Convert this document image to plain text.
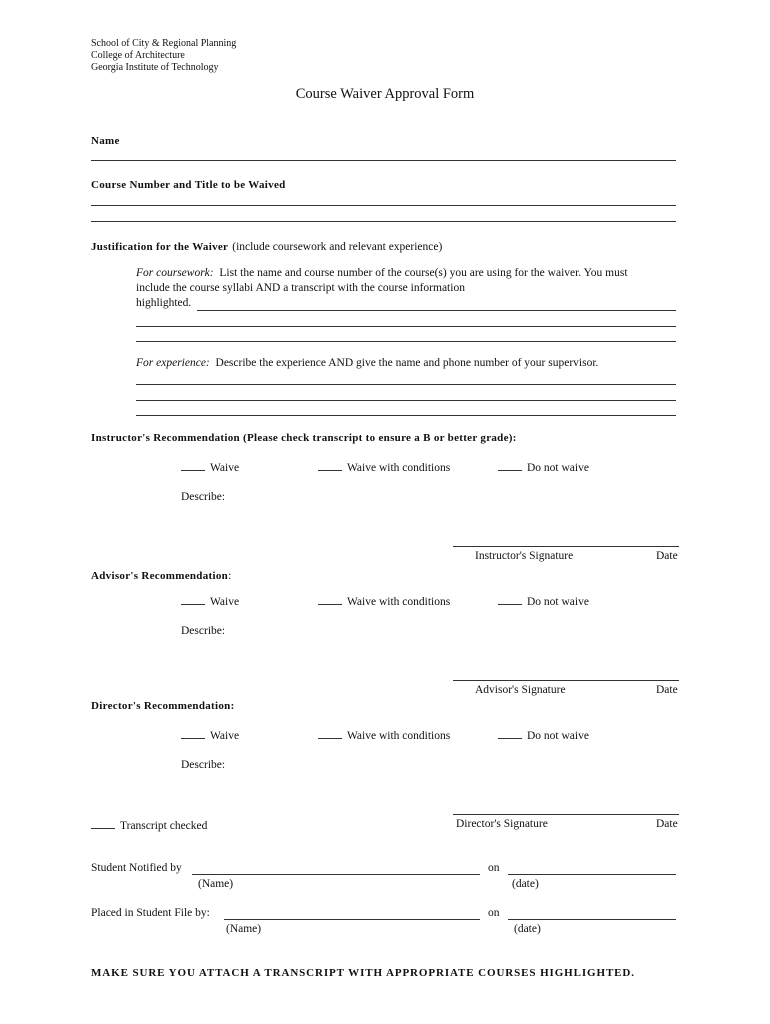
School of City & Regional Planning
College of Architecture
Georgia Institute of Technology
Course Waiver Approval Form
Name
Course Number and Title to be Waived
Justification for the Waiver (include coursework and relevant experience)
For coursework: List the name and course number of the course(s) you are using for the waiver. You must
include the course syllabi AND a transcript with the course information
highlighted.
For experience: Describe the experience AND give the name and phone number of your supervisor.
Instructor's Recommendation (Please check transcript to ensure a B or better grade):
Waive	Waive with conditions	Do not waive
Describe:
Instructor's Signature	Date
Advisor's Recommendation:
Waive	Waive with conditions	Do not waive
Describe:
Advisor's Signature	Date
Director's Recommendation:
Waive	Waive with conditions	Do not waive
Describe:
Transcript checked	Director's Signature	Date
Student Notified by	on
(Name)	(date)
Placed in Student File by:	on
(Name)	(date)
MAKE SURE YOU ATTACH A TRANSCRIPT WITH APPROPRIATE COURSES HIGHLIGHTED.
